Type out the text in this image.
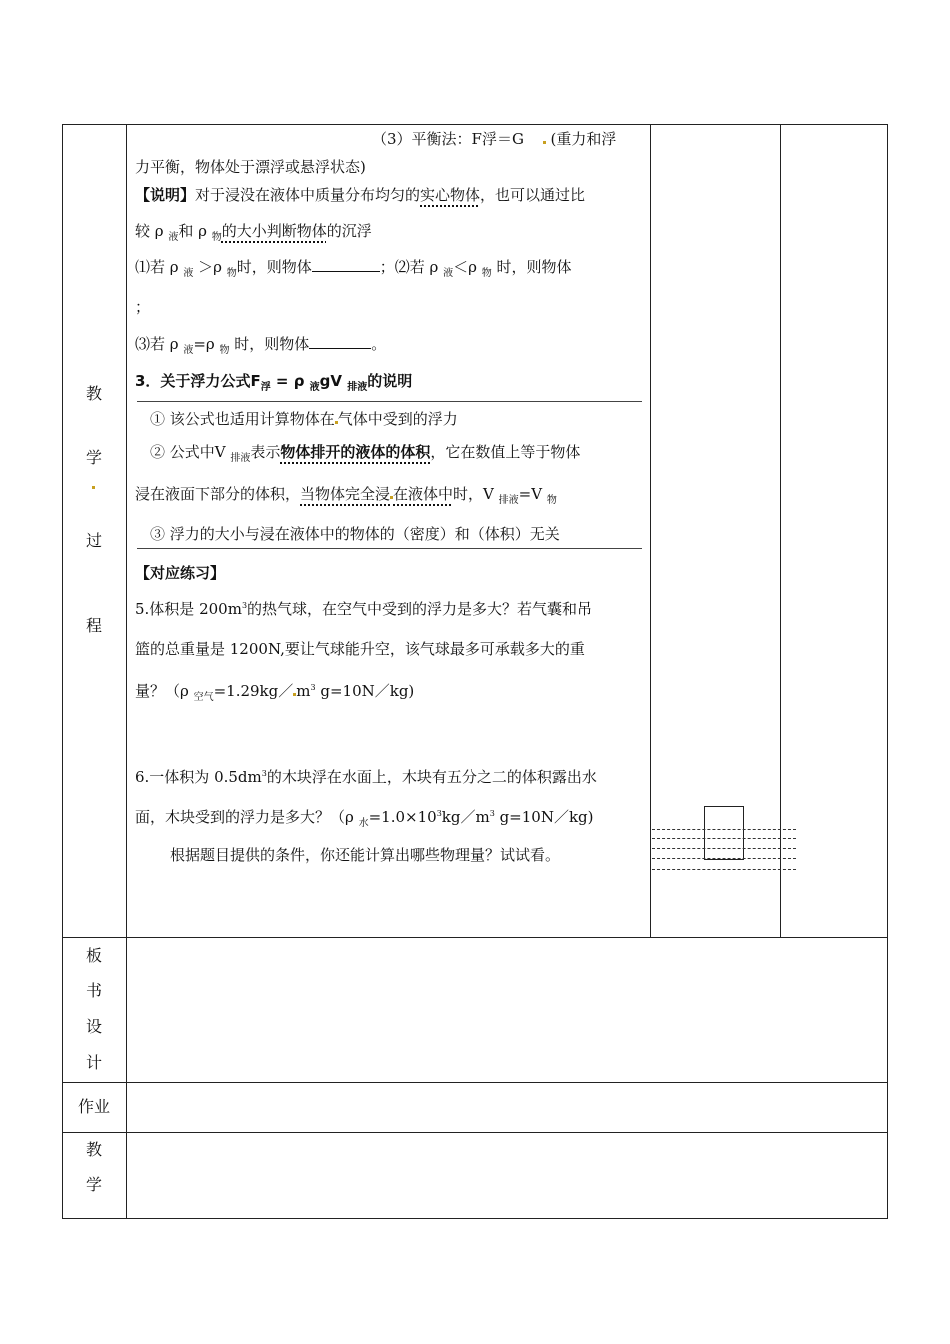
教
学
过
程
板
书
设
计
作业
教
学
（3）平衡法：F浮＝G (重力和浮
力平衡，物体处于漂浮或悬浮状态)
【说明】对于浸没在液体中质量分布均匀的实心物体，也可以通过比
较 ρ $_液$和 ρ $_物$的大小判断物体的沉浮
⑴若 ρ $_液$ ＞ρ $_物$时，则物体	；⑵若 ρ $_液$＜ρ $_物$ 时，则物体
；
⑶若 ρ $_液$=ρ $_物$ 时，则物体	。
3．关于浮力公式$F_浮 = \rho$ $_液$gV $_{排液}$的说明
① 该公式也适用计算物体在 气体中受到的浮力
② 公式中V $_{排液}$表示物体排开的液体的体积，它在数值上等于物体
浸在液面下部分的体积，当物体完全浸 在液体中时，V $_{排液}$=V $_物$
③ 浮力的大小与浸在液体中的物体的（密度）和（体积）无关
【对应练习】
5.体积是 $200m^3$的热气球，在空气中受到的浮力是多大？若气囊和吊
篮的总重量是 1200N,要让气球能升空，该气球最多可承载多大的重
量？（ρ $_{空气}$=1.29kg／ $m^3$ g=10N／kg)
6.一体积为 $0.5dm^3$的木块浮在水面上，木块有五分之二的体积露出水
面，木块受到的浮力是多大？（ρ $_水=1.0\times 10^3kg/m^3$ g=10N／kg)
根据题目提供的条件，你还能计算出哪些物理量？试试看。
